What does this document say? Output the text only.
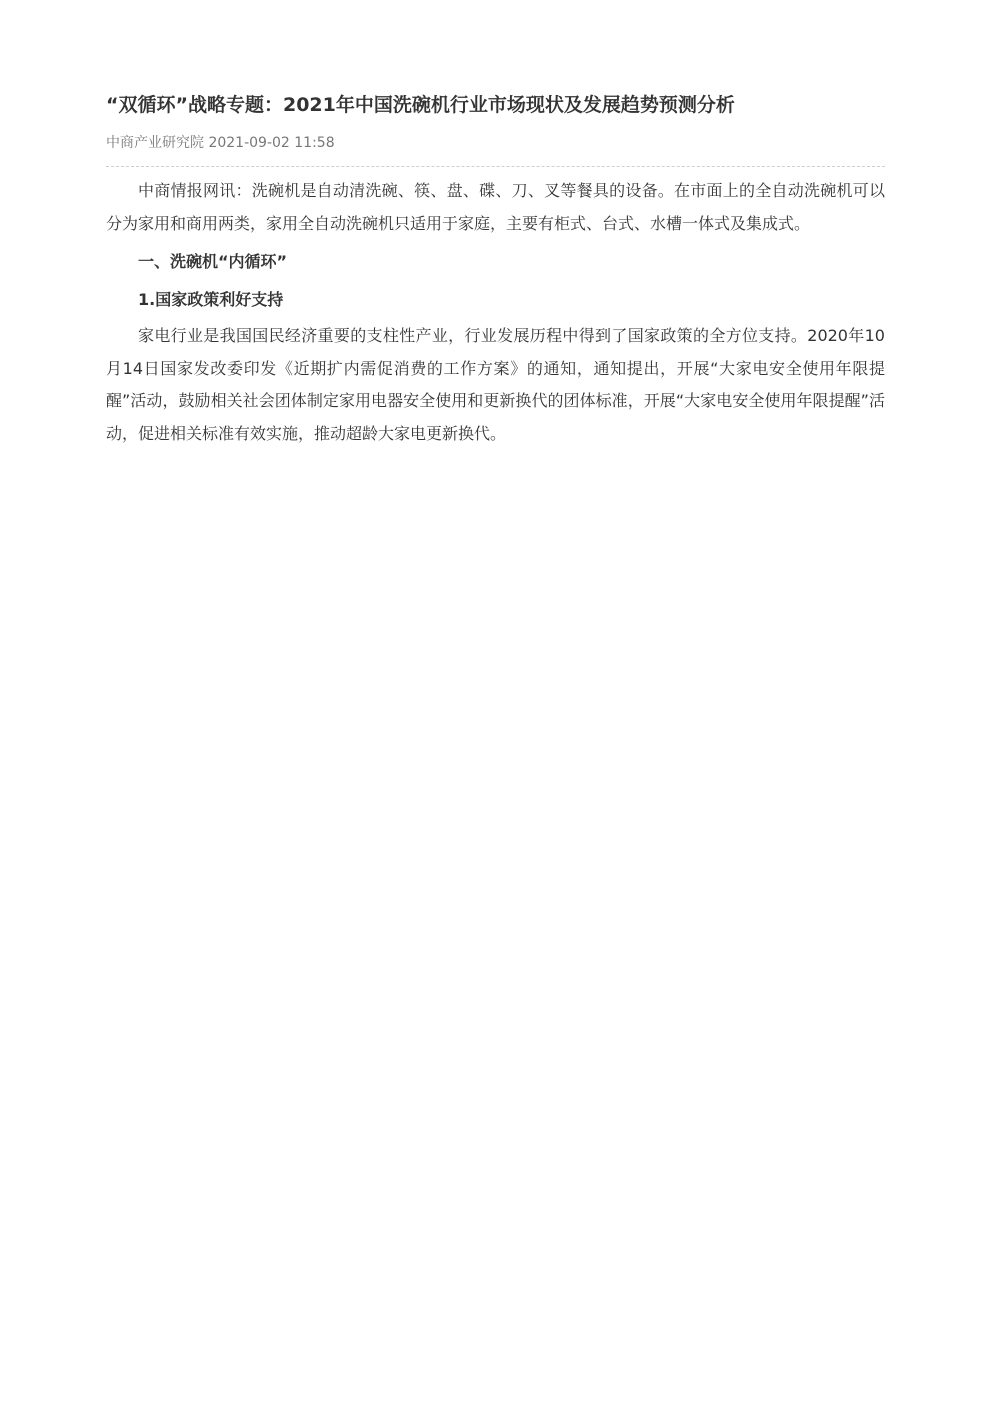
“双循环”战略专题：2021年中国洗碗机行业市场现状及发展趋势预测分析
中商产业研究院 2021-09-02 11:58

中商情报网讯：洗碗机是自动清洗碗、筷、盘、碟、刀、叉等餐具的设备。在市面上的全自动洗碗机可以分为家用和商用两类，家用全自动洗碗机只适用于家庭，主要有柜式、台式、水槽一体式及集成式。

一、洗碗机“内循环”

1.国家政策利好支持

家电行业是我国国民经济重要的支柱性产业，行业发展历程中得到了国家政策的全方位支持。2020年10月14日国家发改委印发《近期扩内需促消费的工作方案》的通知，通知提出，开展“大家电安全使用年限提醒”活动，鼓励相关社会团体制定家用电器安全使用和更新换代的团体标准，开展“大家电安全使用年限提醒”活动，促进相关标准有效实施，推动超龄大家电更新换代。
